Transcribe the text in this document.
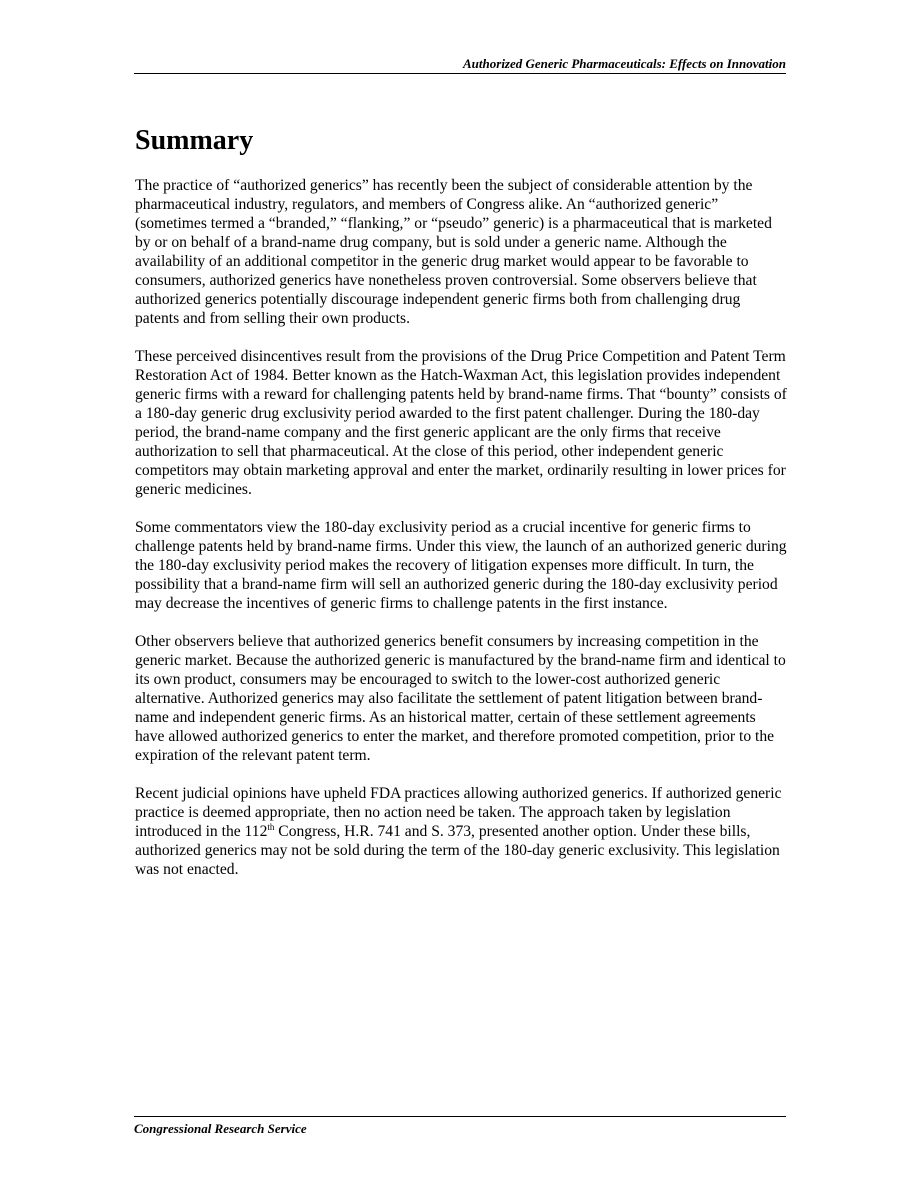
Authorized Generic Pharmaceuticals: Effects on Innovation
Summary

The practice of “authorized generics” has recently been the subject of considerable attention by the pharmaceutical industry, regulators, and members of Congress alike. An “authorized generic” (sometimes termed a “branded,” “flanking,” or “pseudo” generic) is a pharmaceutical that is marketed by or on behalf of a brand-name drug company, but is sold under a generic name. Although the availability of an additional competitor in the generic drug market would appear to be favorable to consumers, authorized generics have nonetheless proven controversial. Some observers believe that authorized generics potentially discourage independent generic firms both from challenging drug patents and from selling their own products.

These perceived disincentives result from the provisions of the Drug Price Competition and Patent Term Restoration Act of 1984. Better known as the Hatch-Waxman Act, this legislation provides independent generic firms with a reward for challenging patents held by brand-name firms. That “bounty” consists of a 180-day generic drug exclusivity period awarded to the first patent challenger. During the 180-day period, the brand-name company and the first generic applicant are the only firms that receive authorization to sell that pharmaceutical. At the close of this period, other independent generic competitors may obtain marketing approval and enter the market, ordinarily resulting in lower prices for generic medicines.

Some commentators view the 180-day exclusivity period as a crucial incentive for generic firms to challenge patents held by brand-name firms. Under this view, the launch of an authorized generic during the 180-day exclusivity period makes the recovery of litigation expenses more difficult. In turn, the possibility that a brand-name firm will sell an authorized generic during the 180-day exclusivity period may decrease the incentives of generic firms to challenge patents in the first instance.

Other observers believe that authorized generics benefit consumers by increasing competition in the generic market. Because the authorized generic is manufactured by the brand-name firm and identical to its own product, consumers may be encouraged to switch to the lower-cost authorized generic alternative. Authorized generics may also facilitate the settlement of patent litigation between brand-name and independent generic firms. As an historical matter, certain of these settlement agreements have allowed authorized generics to enter the market, and therefore promoted competition, prior to the expiration of the relevant patent term.

Recent judicial opinions have upheld FDA practices allowing authorized generics. If authorized generic practice is deemed appropriate, then no action need be taken. The approach taken by legislation introduced in the 112th Congress, H.R. 741 and S. 373, presented another option. Under these bills, authorized generics may not be sold during the term of the 180-day generic exclusivity. This legislation was not enacted.

Congressional Research Service
